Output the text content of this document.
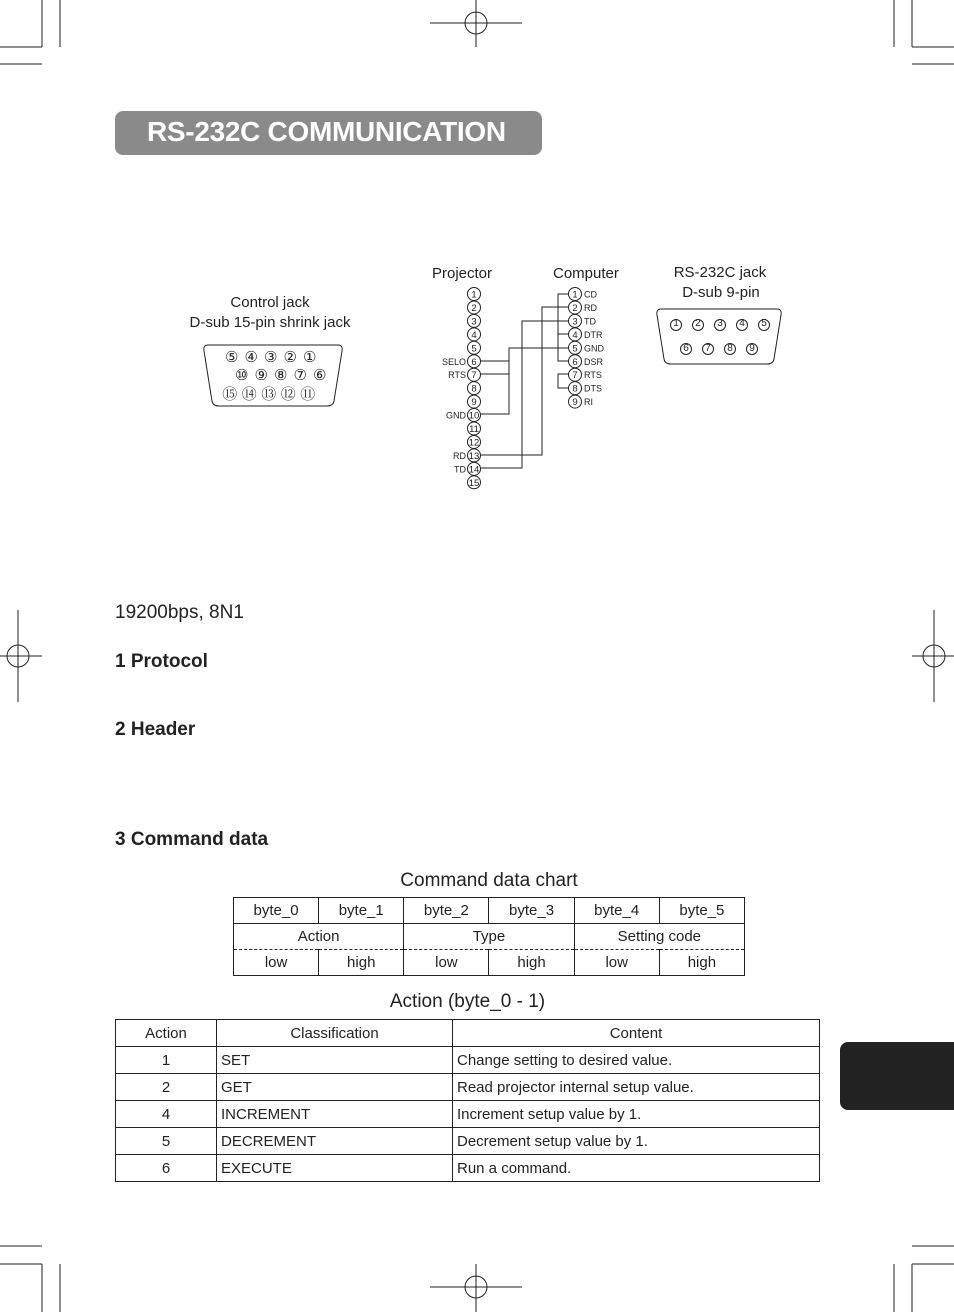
RS-232C COMMUNICATION
Control jack
D-sub 15-pin shrink jack
⑤ ④ ③ ② ①
⑩ ⑨ ⑧ ⑦ ⑥
⑮ ⑭ ⑬ ⑫ ⑪
RS-232C jack
D-sub 9-pin
1 2 3 4 5
6 7 8 9
Projector	Computer
1
2
3
4
5
6
SELO
7
RTS
8
9
10
GND
11
12
13
RD
14
TD
15
1 CD
2 RD
3 TD
4 DTR
5 GND
6 DSR
7 RTS
8 DTS
9 RI
19200bps, 8N1
1 Protocol
2 Header
3 Command data
Command data chart
byte_0	byte_1	byte_2	byte_3	byte_4	byte_5
Action		Type		Setting code	
low	high	low	high	low	high
Action (byte_0 - 1)
Action	Classification	Content
1	SET	Change setting to desired value.
2	GET	Read projector internal setup value.
4	INCREMENT	Increment setup value by 1.
5	DECREMENT	Decrement setup value by 1.
6	EXECUTE	Run a command.
